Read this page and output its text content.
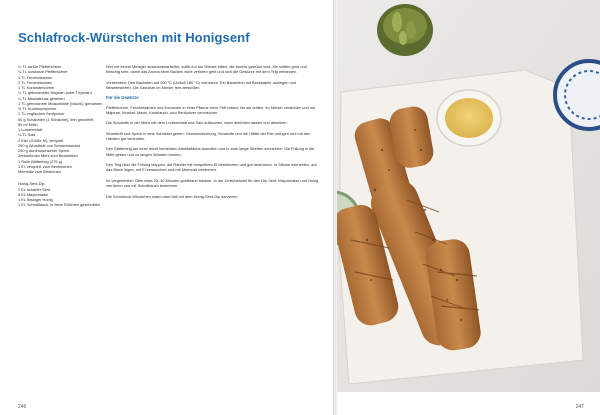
Schlafrock-Würstchen mit Honigsenf
¼ TL weiße Pfefferkörner
¼ TL schwarze Pfefferkörner
1 TL Fenchelsamen
2 TL Fenchelsamen
1 TL Korianderkörner
¼ TL getrockneter Majoran (oder Thymian)
¼ TL Muskatnuss gerieben
1 TL getrocknete Muskatblüte (Macis), gemahlen
½ TL Knoblauchpulver
1 TL englisches Senfpulver
50 g Schalotten (1 Schalotte), fein gewürfelt
50 ml Milch
1 Lorbeerblatt
⅛ TL Salz
2 Eier (Größe M), verquirlt
250 g Wurstbrät von Schweinswurst
250 g durchwachsener Speck
Zerstoßenes Mehl zum Bearbeiten
1 Rolle Blätterteig (275 g)
1 Ei, verquirlt, zum Bestreichen
Meersalz zum Bestreuen
Honig-Senf-Dip
2 EL scharfer Senf
5 EL Mayonnaise
1 EL flüssiger Honig
1 EL Schnittlauch, in feine Röllchen geschnitten

Wer mit einem Metzger zusammenarbeitet, sollte ihn um Würste bitten, die bereits gewürzt sind. Sie sollten grob und fleischig sein, damit das Aroma beim Backen nicht verloren geht und sich die Gewürze mit dem Teig verbinden.

Vorbereiten: Den Backofen auf 200 °C (Umluft 180 °C) vorheizen. Ein Backblech mit Backpapier auslegen und beiseitestellen. Die Gewürze im Mörser fein zerstoßen.

Für die Gewürze

Pfefferkörner, Fenchelsamen und Koriander in einer Pfanne ohne Fett rösten, bis sie duften. Im Mörser zerstoßen und mit Majoran, Muskat, Macis, Knoblauch- und Senfpulver vermischen.

Die Schalotte in der Milch mit dem Lorbeerblatt und Salz aufkochen, dann abkühlen lassen und abseihen.

Wurstbrät und Speck in eine Schüssel geben, Gewürzmischung, Schalotte und die Hälfte der Eier zufügen und mit den Händen gut verkneten.

Den Blätterteig auf einer leicht bemehlten Arbeitsfläche ausrollen und in zwei lange Streifen schneiden. Die Füllung in die Mitte geben und zu langen Würsten formen.

Den Teig über die Füllung klappen, die Ränder mit verquirltem Ei bestreichen und gut andrücken. In Stücke schneiden, auf das Blech legen, mit Ei bestreichen und mit Meersalz bestreuen.

Im vorgeheizten Ofen etwa 25–30 Minuten goldbraun backen. In der Zwischenzeit für den Dip Senf, Mayonnaise und Honig verrühren und mit Schnittlauch bestreuen.

Die Schlafrock-Würstchen warm oder kalt mit dem Honig-Senf-Dip servieren.

246	247
